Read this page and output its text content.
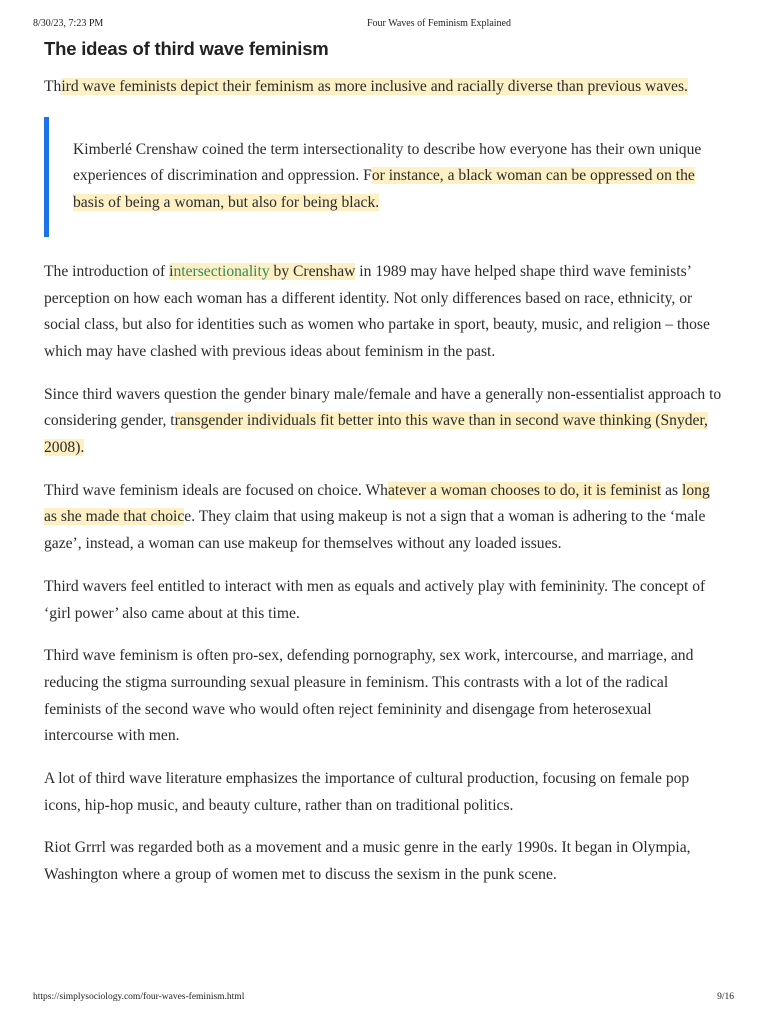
8/30/23, 7:23 PM	Four Waves of Feminism Explained
The ideas of third wave feminism

Third wave feminists depict their feminism as more inclusive and racially diverse than previous waves.

Kimberlé Crenshaw coined the term intersectionality to describe how everyone has their own unique experiences of discrimination and oppression. For instance, a black woman can be oppressed on the basis of being a woman, but also for being black.

The introduction of intersectionality by Crenshaw in 1989 may have helped shape third wave feminists’ perception on how each woman has a different identity. Not only differences based on race, ethnicity, or social class, but also for identities such as women who partake in sport, beauty, music, and religion – those which may have clashed with previous ideas about feminism in the past.

Since third wavers question the gender binary male/female and have a generally non-essentialist approach to considering gender, transgender individuals fit better into this wave than in second wave thinking (Snyder, 2008).

Third wave feminism ideals are focused on choice. Whatever a woman chooses to do, it is feminist as long as she made that choice. They claim that using makeup is not a sign that a woman is adhering to the ‘male gaze’, instead, a woman can use makeup for themselves without any loaded issues.

Third wavers feel entitled to interact with men as equals and actively play with femininity. The concept of ‘girl power’ also came about at this time.

Third wave feminism is often pro-sex, defending pornography, sex work, intercourse, and marriage, and reducing the stigma surrounding sexual pleasure in feminism. This contrasts with a lot of the radical feminists of the second wave who would often reject femininity and disengage from heterosexual intercourse with men.

A lot of third wave literature emphasizes the importance of cultural production, focusing on female pop icons, hip-hop music, and beauty culture, rather than on traditional politics.

Riot Grrrl was regarded both as a movement and a music genre in the early 1990s. It began in Olympia, Washington where a group of women met to discuss the sexism in the punk scene.

https://simplysociology.com/four-waves-feminism.html	9/16
